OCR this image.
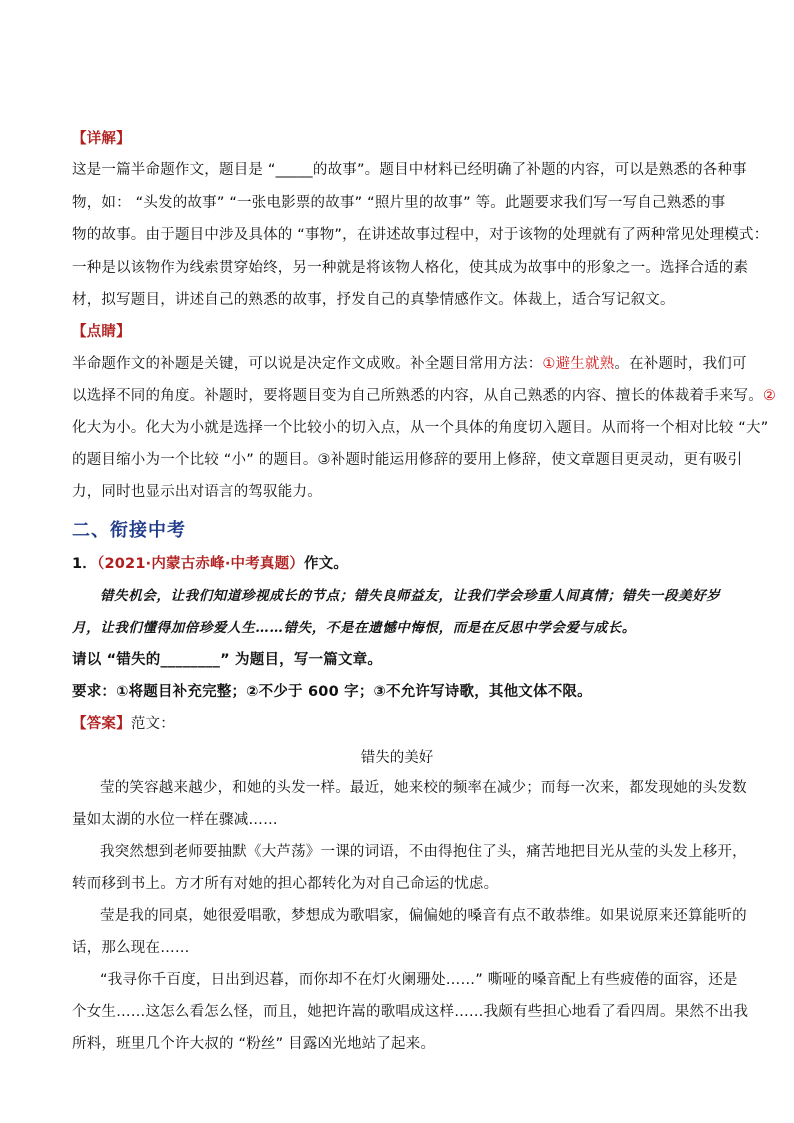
【详解】
这是一篇半命题作文，题目是 “_____的故事”。题目中材料已经明确了补题的内容，可以是熟悉的各种事
物，如： “头发的故事” “一张电影票的故事” “照片里的故事” 等。此题要求我们写一写自己熟悉的事
物的故事。由于题目中涉及具体的 “事物”，在讲述故事过程中，对于该物的处理就有了两种常见处理模式：
一种是以该物作为线索贯穿始终，另一种就是将该物人格化，使其成为故事中的形象之一。选择合适的素
材，拟写题目，讲述自己的熟悉的故事，抒发自己的真挚情感作文。体裁上，适合写记叙文。
【点睛】
半命题作文的补题是关键，可以说是决定作文成败。补全题目常用方法：①避生就熟。在补题时，我们可
以选择不同的角度。补题时，要将题目变为自己所熟悉的内容，从自己熟悉的内容、擅长的体裁着手来写。②
化大为小。化大为小就是选择一个比较小的切入点，从一个具体的角度切入题目。从而将一个相对比较 “大”
的题目缩小为一个比较 “小” 的题目。③补题时能运用修辞的要用上修辞，使文章题目更灵动，更有吸引
力，同时也显示出对语言的驾驭能力。
二、衔接中考
1．（2021·内蒙古赤峰·中考真题）作文。
错失机会，让我们知道珍视成长的节点；错失良师益友，让我们学会珍重人间真情；错失一段美好岁
月，让我们懂得加倍珍爱人生……错失，不是在遗憾中悔恨，而是在反思中学会爱与成长。
请以 “错失的________” 为题目，写一篇文章。
要求：①将题目补充完整；②不少于 600 字；③不允许写诗歌，其他文体不限。
【答案】范文：
错失的美好
莹的笑容越来越少，和她的头发一样。最近，她来校的频率在减少；而每一次来，都发现她的头发数
量如太湖的水位一样在骤减……
我突然想到老师要抽默《大芦荡》一课的词语，不由得抱住了头，痛苦地把目光从莹的头发上移开，
转而移到书上。方才所有对她的担心都转化为对自己命运的忧虑。
莹是我的同桌，她很爱唱歌，梦想成为歌唱家，偏偏她的嗓音有点不敢恭维。如果说原来还算能听的
话，那么现在……
“我寻你千百度，日出到迟暮，而你却不在灯火阑珊处……” 嘶哑的嗓音配上有些疲倦的面容，还是
个女生……这怎么看怎么怪，而且，她把许嵩的歌唱成这样……我颇有些担心地看了看四周。果然不出我
所料，班里几个许大叔的 “粉丝” 目露凶光地站了起来。
